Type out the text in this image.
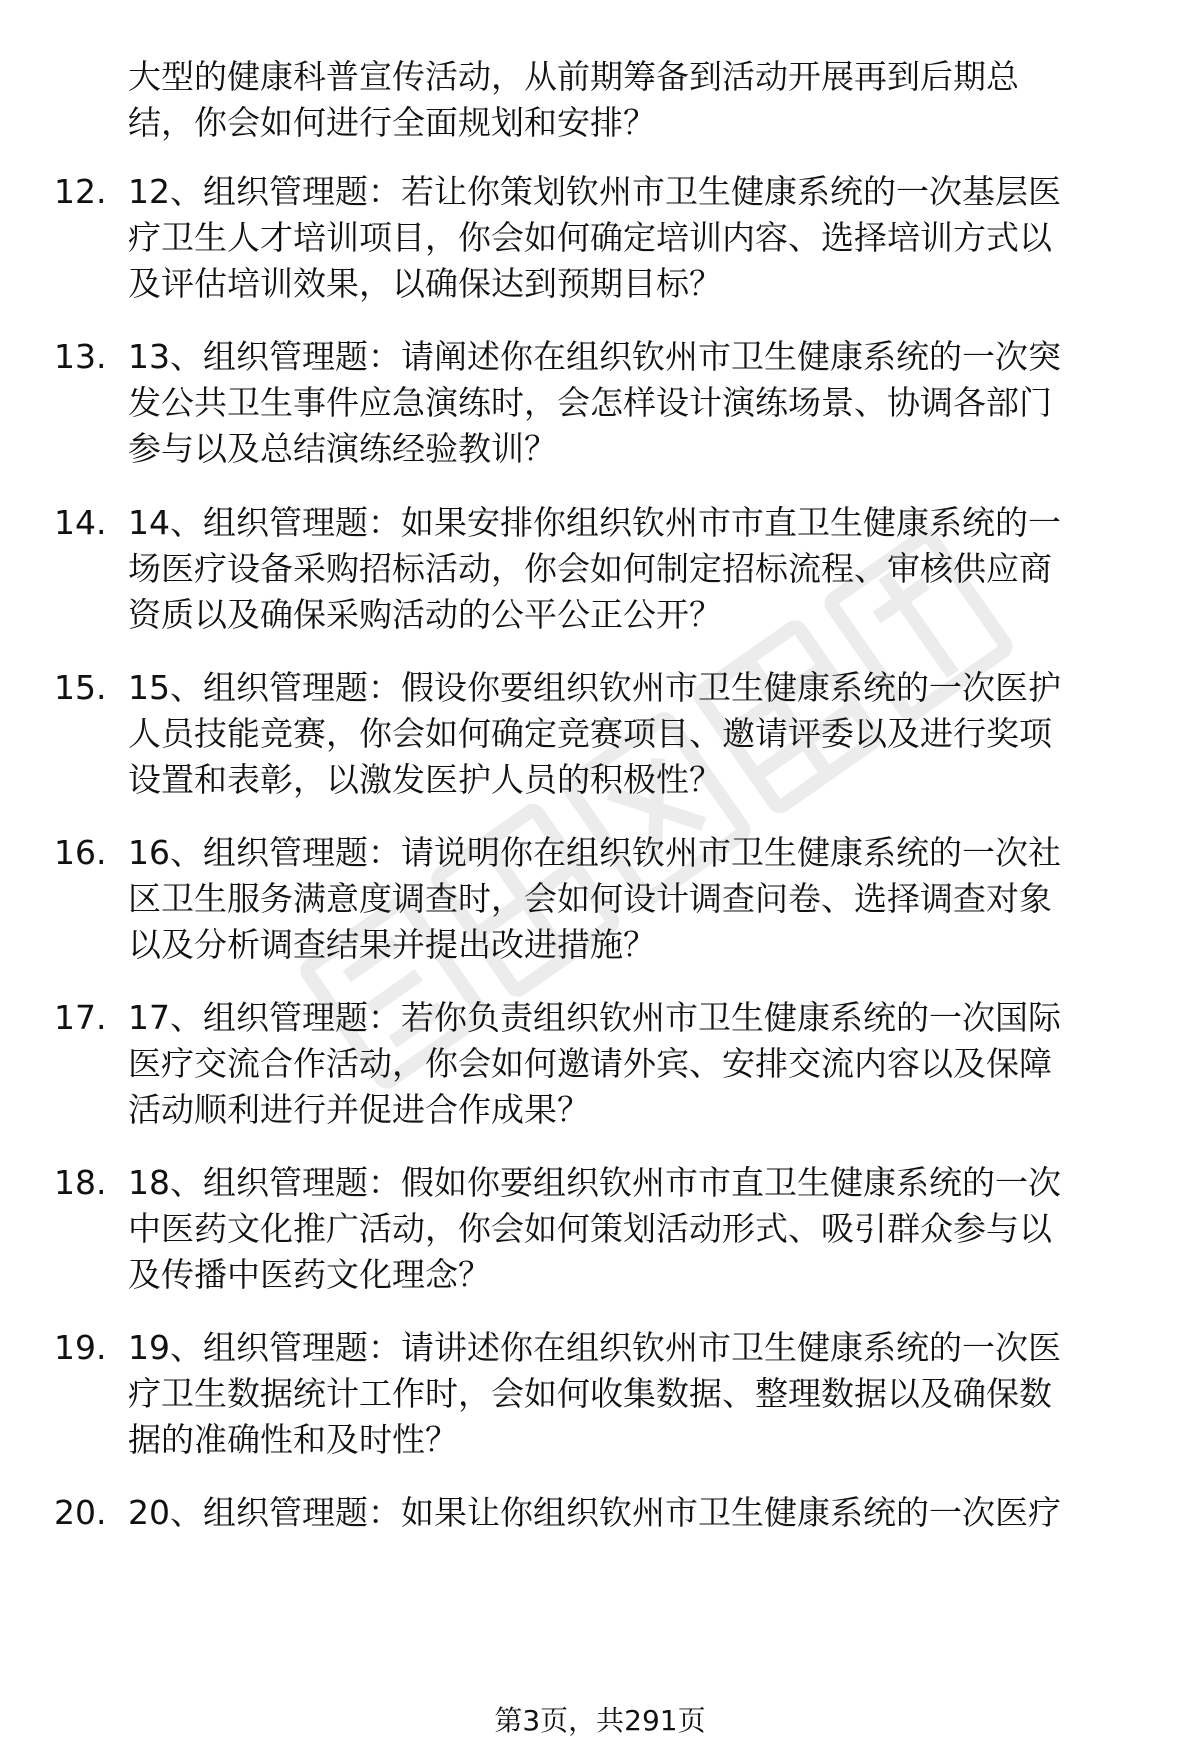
大型的健康科普宣传活动，从前期筹备到活动开展再到后期总
结，你会如何进行全面规划和安排？
12. 12、组织管理题：若让你策划钦州市卫生健康系统的一次基层医
疗卫生人才培训项目，你会如何确定培训内容、选择培训方式以
及评估培训效果，以确保达到预期目标？
13. 13、组织管理题：请阐述你在组织钦州市卫生健康系统的一次突
发公共卫生事件应急演练时，会怎样设计演练场景、协调各部门
参与以及总结演练经验教训？
14. 14、组织管理题：如果安排你组织钦州市市直卫生健康系统的一
场医疗设备采购招标活动，你会如何制定招标流程、审核供应商
资质以及确保采购活动的公平公正公开？
15. 15、组织管理题：假设你要组织钦州市卫生健康系统的一次医护
人员技能竞赛，你会如何确定竞赛项目、邀请评委以及进行奖项
设置和表彰，以激发医护人员的积极性？
16. 16、组织管理题：请说明你在组织钦州市卫生健康系统的一次社
区卫生服务满意度调查时，会如何设计调查问卷、选择调查对象
以及分析调查结果并提出改进措施？
17. 17、组织管理题：若你负责组织钦州市卫生健康系统的一次国际
医疗交流合作活动，你会如何邀请外宾、安排交流内容以及保障
活动顺利进行并促进合作成果？
18. 18、组织管理题：假如你要组织钦州市市直卫生健康系统的一次
中医药文化推广活动，你会如何策划活动形式、吸引群众参与以
及传播中医药文化理念？
19. 19、组织管理题：请讲述你在组织钦州市卫生健康系统的一次医
疗卫生数据统计工作时，会如何收集数据、整理数据以及确保数
据的准确性和及时性？
20. 20、组织管理题：如果让你组织钦州市卫生健康系统的一次医疗
第3页，共291页
